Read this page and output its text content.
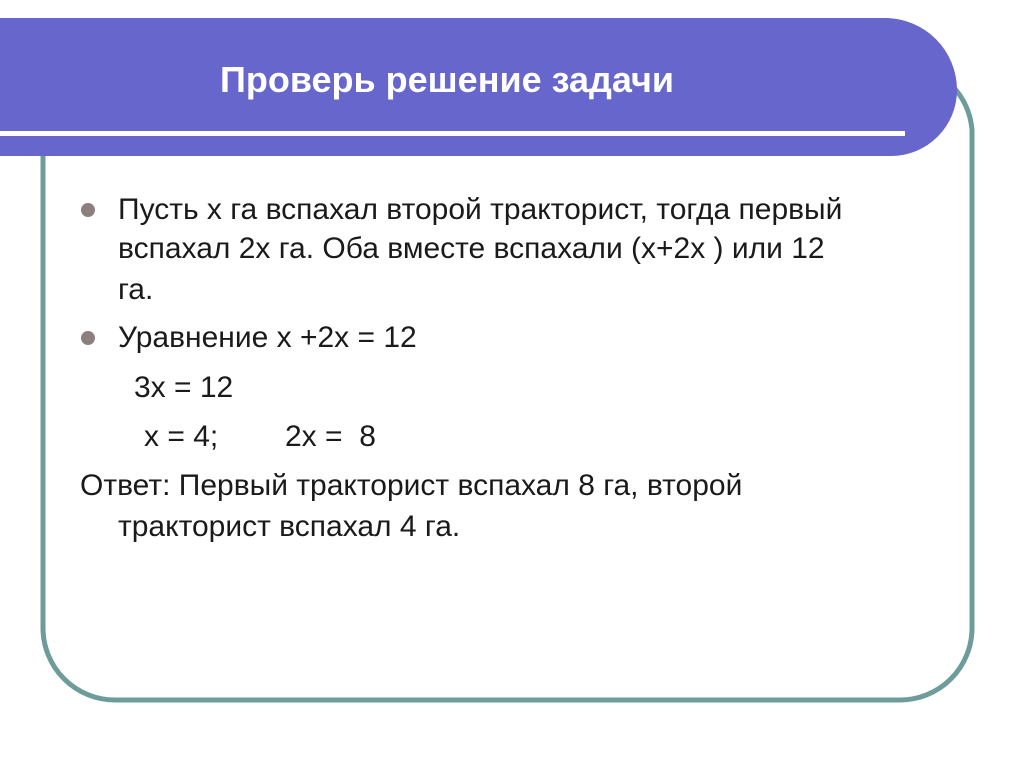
Проверь решение задачи
Пусть x га вспахал второй тракторист, тогда первый
вспахал 2x га. Оба вместе вспахали (x+2x ) или 12
га.
Уравнение x +2x = 12
3x = 12
x = 4; 2x =  8
Ответ: Первый тракторист вспахал 8 га, второй
тракторист вспахал 4 га.
